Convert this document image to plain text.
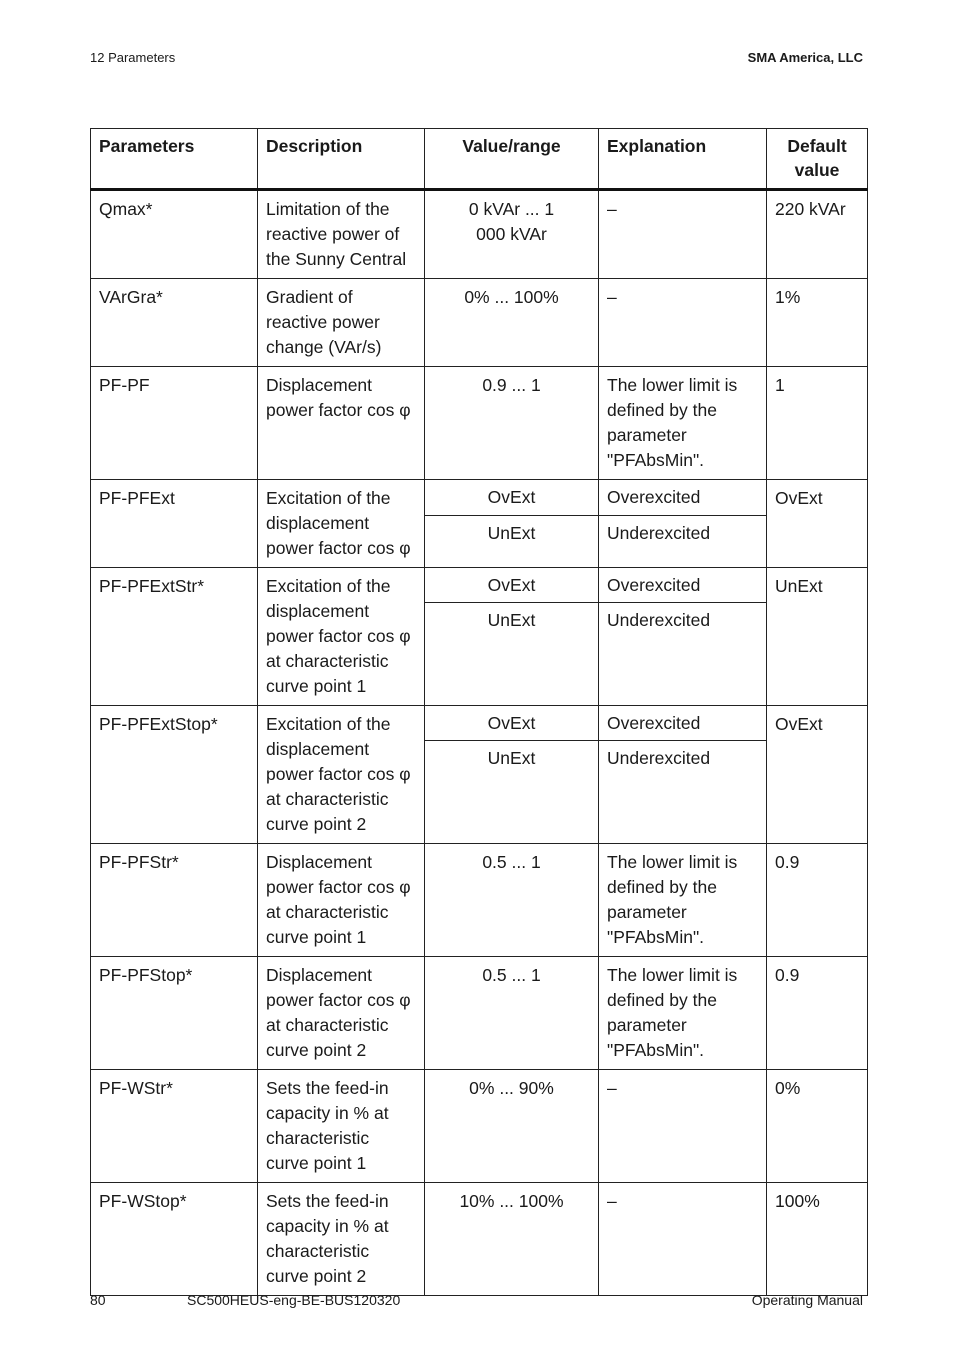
12 Parameters	SMA America, LLC
Parameters	Description	Value/range	Explanation	Default value
Qmax*	Limitation of the reactive power of the Sunny Central	0 kVAr ... 1 000 kVAr	–	220 kVAr
VArGra*	Gradient of reactive power change (VAr/s)	0% ... 100%	–	1%
PF-PF	Displacement power factor cos φ	0.9 ... 1	The lower limit is defined by the parameter "PFAbsMin".	1
PF-PFExt	Excitation of the displacement power factor cos φ	OvExt	Overexcited	OvExt
		UnExt	Underexcited	
PF-PFExtStr*	Excitation of the displacement power factor cos φ at characteristic curve point 1	OvExt	Overexcited	UnExt
		UnExt	Underexcited	
PF-PFExtStop*	Excitation of the displacement power factor cos φ at characteristic curve point 2	OvExt	Overexcited	OvExt
		UnExt	Underexcited	
PF-PFStr*	Displacement power factor cos φ at characteristic curve point 1	0.5 ... 1	The lower limit is defined by the parameter "PFAbsMin".	0.9
PF-PFStop*	Displacement power factor cos φ at characteristic curve point 2	0.5 ... 1	The lower limit is defined by the parameter "PFAbsMin".	0.9
PF-WStr*	Sets the feed-in capacity in % at characteristic curve point 1	0% ... 90%	–	0%
PF-WStop*	Sets the feed-in capacity in % at characteristic curve point 2	10% ... 100%	–	100%
80	SC500HEUS-eng-BE-BUS120320	Operating Manual
